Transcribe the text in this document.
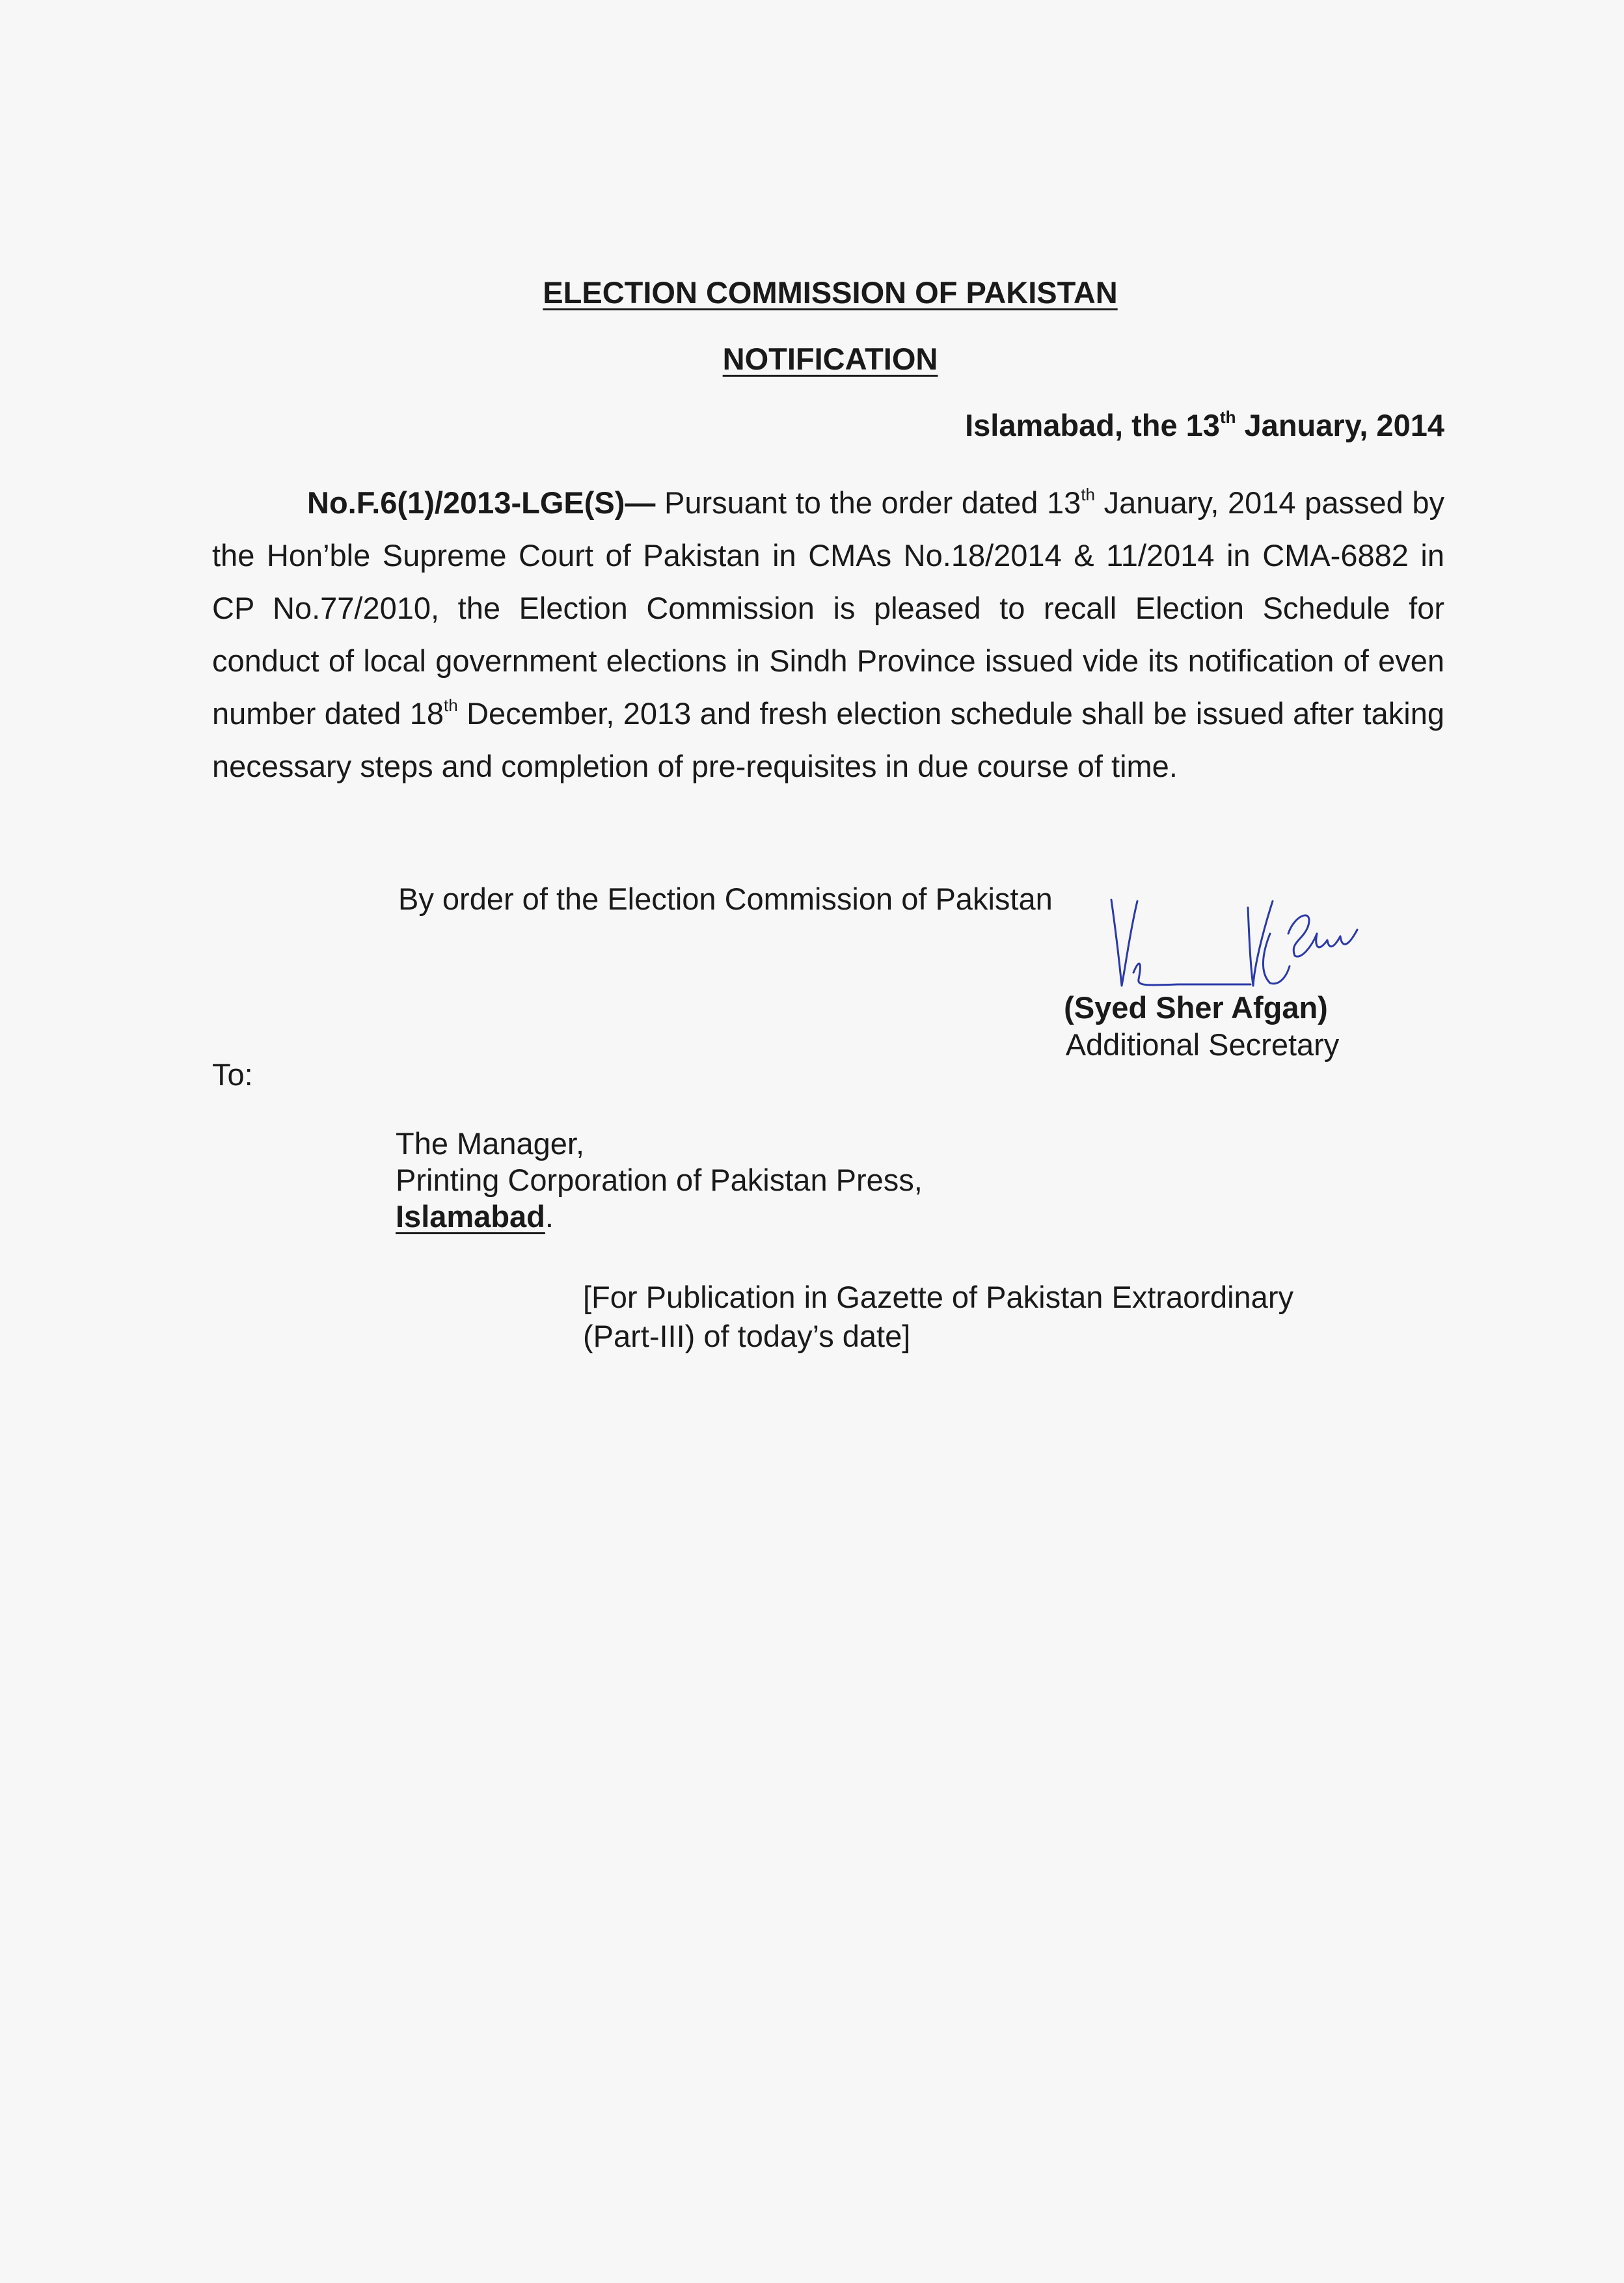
ELECTION COMMISSION OF PAKISTAN
NOTIFICATION
Islamabad, the 13th January, 2014
No.F.6(1)/2013-LGE(S)— Pursuant to the order dated 13th January, 2014 passed by the Hon’ble Supreme Court of Pakistan in CMAs No.18/2014 & 11/2014 in CMA-6882 in CP No.77/2010, the Election Commission is pleased to recall Election Schedule for conduct of local government elections in Sindh Province issued vide its notification of even number dated 18th December, 2013 and fresh election schedule shall be issued after taking necessary steps and completion of pre-requisites in due course of time.
By order of the Election Commission of Pakistan
(Syed Sher Afgan)
Additional Secretary
To:
The Manager,
Printing Corporation of Pakistan Press,
Islamabad.
[For Publication in Gazette of Pakistan Extraordinary
(Part-III) of today’s date]
